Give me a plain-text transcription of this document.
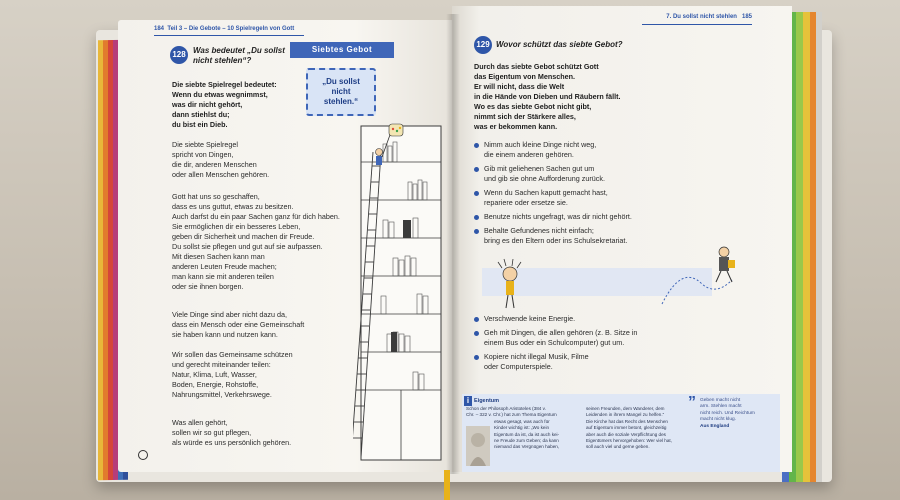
184 Teil 3 – Die Gebote – 10 Spielregeln von Gott
128 Was bedeutet „Du sollst
nicht stehlen“?
Siebtes Gebot
„Du sollst
nicht
stehlen.“
Die siebte Spielregel bedeutet:
Wenn du etwas wegnimmst,
was dir nicht gehört,
dann stiehlst du;
du bist ein Dieb.
Die siebte Spielregel
spricht von Dingen,
die dir, anderen Menschen
oder allen Menschen gehören.
Gott hat uns so geschaffen,
dass es uns guttut, etwas zu besitzen.
Auch darfst du ein paar Sachen ganz für dich haben.
Sie ermöglichen dir ein besseres Leben,
geben dir Sicherheit und machen dir Freude.
Du sollst sie pflegen und gut auf sie aufpassen.
Mit diesen Sachen kann man
anderen Leuten Freude machen;
man kann sie mit anderen teilen
oder sie ihnen borgen.
Viele Dinge sind aber nicht dazu da,
dass ein Mensch oder eine Gemeinschaft
sie haben kann und nutzen kann.
Wir sollen das Gemeinsame schützen
und gerecht miteinander teilen:
Natur, Klima, Luft, Wasser,
Boden, Energie, Rohstoffe,
Nahrungsmittel, Verkehrswege.
Was allen gehört,
sollen wir so gut pflegen,
als würde es uns persönlich gehören.
7. Du sollst nicht stehlen 185
129 Wovor schützt das siebte Gebot?
Durch das siebte Gebot schützt Gott
das Eigentum von Menschen.
Er will nicht, dass die Welt
in die Hände von Dieben und Räubern fällt.
Wo es das siebte Gebot nicht gibt,
nimmt sich der Stärkere alles,
was er bekommen kann.
Nimm auch kleine Dinge nicht weg,
die einem anderen gehören.
Gib mit geliehenen Sachen gut um
und gib sie ohne Aufforderung zurück.
Wenn du Sachen kaputt gemacht hast,
repariere oder ersetze sie.
Benutze nichts ungefragt, was dir nicht gehört.
Behalte Gefundenes nicht einfach;
bring es den Eltern oder ins Schulsekretariat.
Verschwende keine Energie.
Geh mit Dingen, die allen gehören (z. B. Sitze in
einem Bus oder ein Schulcomputer) gut um.
Kopiere nicht illegal Musik, Filme
oder Computerspiele.
i Eigentum
Schon der Philosoph Aristoteles (384 v.
Chr. – 322 v. Chr.) hat zum Thema Eigentum
etwas gesagt, was auch für
Kinder wichtig ist: „Wo kein
Eigentum da ist, da ist auch kei-
ne Freude zum Geben; da kann
niemand das Vergnügen haben,
seinen Freunden, dem Wanderer, dem
Leidenden in ihrem Mangel zu helfen.“
Die Kirche hat das Recht des Menschen
auf Eigentum immer betont, gleichzeitig
aber auch die soziale Verpflichtung des
Eigentümers hervorgehoben: Wer viel hat,
soll auch viel und gerne geben.
” Geben macht nicht
arm. Stehlen macht
nicht reich. Und Reichtum
macht nicht klug.
Aus England
